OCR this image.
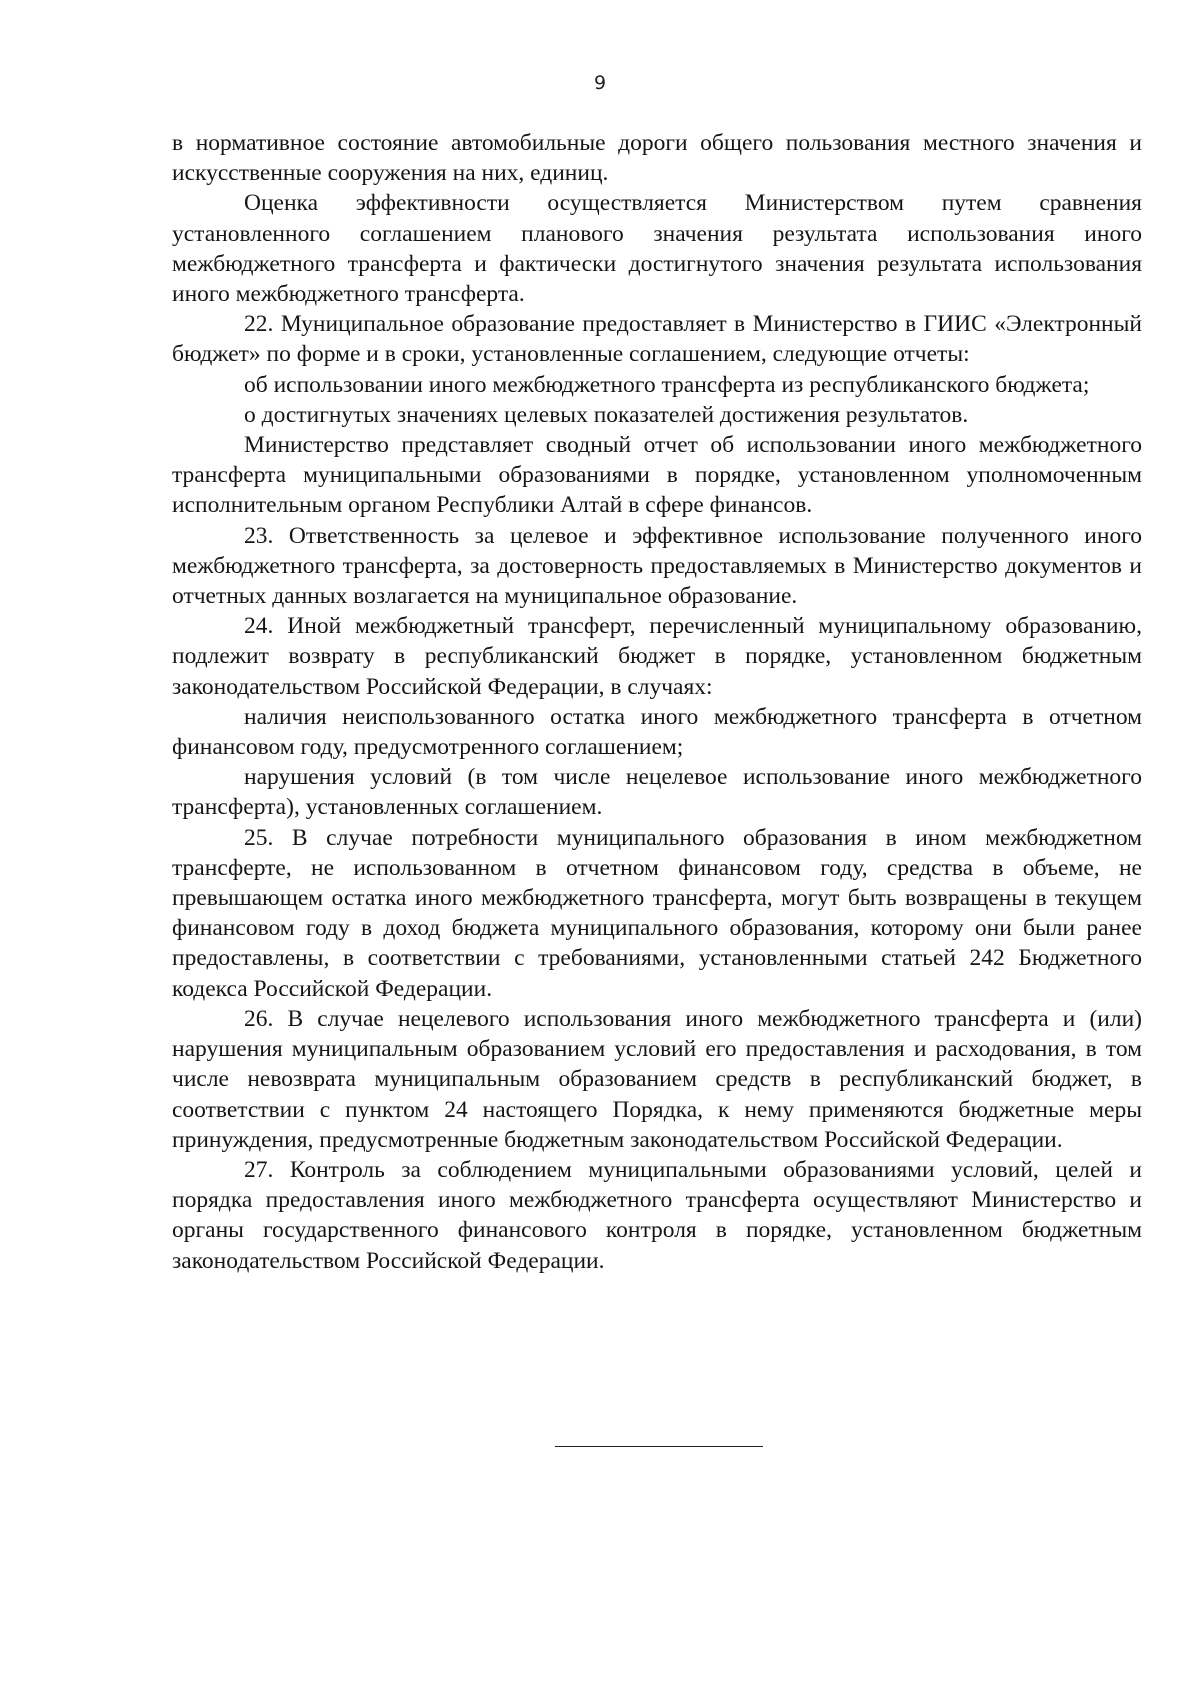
9

в нормативное состояние автомобильные дороги общего пользования местного значения и искусственные сооружения на них, единиц.

Оценка эффективности осуществляется Министерством путем сравнения установленного соглашением планового значения результата использования иного межбюджетного трансферта и фактически достигнутого значения результата использования иного межбюджетного трансферта.

22. Муниципальное образование предоставляет в Министерство в ГИИС «Электронный бюджет» по форме и в сроки, установленные соглашением, следующие отчеты:

об использовании иного межбюджетного трансферта из республиканского бюджета;

о достигнутых значениях целевых показателей достижения результатов.

Министерство представляет сводный отчет об использовании иного межбюджетного трансферта муниципальными образованиями в порядке, установленном уполномоченным исполнительным органом Республики Алтай в сфере финансов.

23. Ответственность за целевое и эффективное использование полученного иного межбюджетного трансферта, за достоверность предоставляемых в Министерство документов и отчетных данных возлагается на муниципальное образование.

24. Иной межбюджетный трансферт, перечисленный муниципальному образованию, подлежит возврату в республиканский бюджет в порядке, установленном бюджетным законодательством Российской Федерации, в случаях:

наличия неиспользованного остатка иного межбюджетного трансферта в отчетном финансовом году, предусмотренного соглашением;

нарушения условий (в том числе нецелевое использование иного межбюджетного трансферта), установленных соглашением.

25. В случае потребности муниципального образования в ином межбюджетном трансферте, не использованном в отчетном финансовом году, средства в объеме, не превышающем остатка иного межбюджетного трансферта, могут быть возвращены в текущем финансовом году в доход бюджета муниципального образования, которому они были ранее предоставлены, в соответствии с требованиями, установленными статьей 242 Бюджетного кодекса Российской Федерации.

26. В случае нецелевого использования иного межбюджетного трансферта и (или) нарушения муниципальным образованием условий его предоставления и расходования, в том числе невозврата муниципальным образованием средств в республиканский бюджет, в соответствии с пунктом 24 настоящего Порядка, к нему применяются бюджетные меры принуждения, предусмотренные бюджетным законодательством Российской Федерации.

27. Контроль за соблюдением муниципальными образованиями условий, целей и порядка предоставления иного межбюджетного трансферта осуществляют Министерство и органы государственного финансового контроля в порядке, установленном бюджетным законодательством Российской Федерации.
